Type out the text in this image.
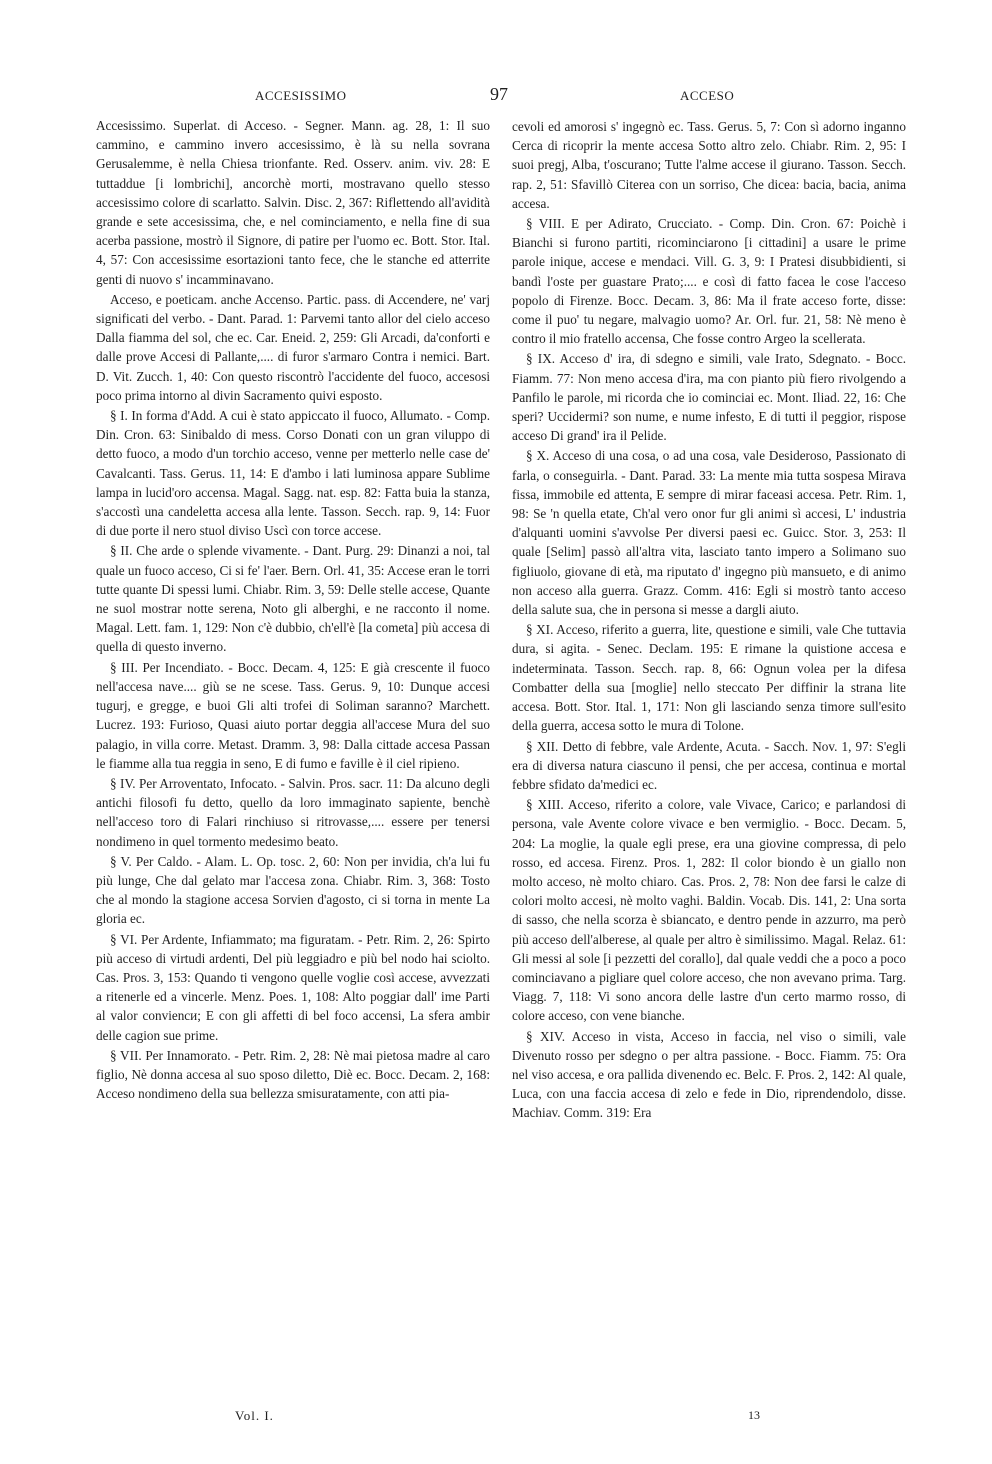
ACCESISSIMO	97	ACCESO

Accesissimo. Superlat. di Acceso. - Segner. Mann. ag. 28, 1: Il suo cammino, e cammino invero accesissimo, è là su nella sovrana Gerusalemme, è nella Chiesa trionfante. Red. Osserv. anim. viv. 28: E tuttaddue [i lombrichi], ancorchè morti, mostravano quello stesso accesissimo colore di scarlatto. Salvin. Disc. 2, 367: Riflettendo all'avidità grande e sete accesissima, che, e nel cominciamento, e nella fine di sua acerba passione, mostrò il Signore, di patire per l'uomo ec. Bott. Stor. Ital. 4, 57: Con accesissime esortazioni tanto fece, che le stanche ed atterrite genti di nuovo s' incamminavano.

Acceso, e poeticam. anche Accenso. Partic. pass. di Accendere, ne' varj significati del verbo. - Dant. Parad. 1: Parvemi tanto allor del cielo acceso Dalla fiamma del sol, che ec. Car. Eneid. 2, 259: Gli Arcadi, da'conforti e dalle prove Accesi di Pallante,.... di furor s'armaro Contra i nemici. Bart. D. Vit. Zucch. 1, 40: Con questo riscontrò l'accidente del fuoco, accesosi poco prima intorno al divin Sacramento quivi esposto.

§ I. In forma d'Add. A cui è stato appiccato il fuoco, Allumato. - Comp. Din. Cron. 63: Sinibaldo di mess. Corso Donati con un gran viluppo di detto fuoco, a modo d'un torchio acceso, venne per metterlo nelle case de' Cavalcanti. Tass. Gerus. 11, 14: E d'ambo i lati luminosa appare Sublime lampa in lucid'oro accensa. Magal. Sagg. nat. esp. 82: Fatta buia la stanza, s'accostì una candeletta accesa alla lente. Tasson. Secch. rap. 9, 14: Fuor di due porte il nero stuol diviso Uscì con torce accese.

§ II. Che arde o splende vivamente. - Dant. Purg. 29: Dinanzi a noi, tal quale un fuoco acceso, Ci si fe' l'aer. Bern. Orl. 41, 35: Accese eran le torri tutte quante Di spessi lumi. Chiabr. Rim. 3, 59: Delle stelle accese, Quante ne suol mostrar notte serena, Noto gli alberghi, e ne racconto il nome. Magal. Lett. fam. 1, 129: Non c'è dubbio, ch'ell'è [la cometa] più accesa di quella di questo inverno.

§ III. Per Incendiato. - Bocc. Decam. 4, 125: E già crescente il fuoco nell'accesa nave.... giù se ne scese. Tass. Gerus. 9, 10: Dunque accesi tugurj, e gregge, e buoi Gli alti trofei di Soliman saranno? Marchett. Lucrez. 193: Furioso, Quasi aiuto portar deggia all'accese Mura del suo palagio, in villa corre. Metast. Dramm. 3, 98: Dalla cittade accesa Passan le fiamme alla tua reggia in seno, E di fumo e faville è il ciel ripieno.

§ IV. Per Arroventato, Infocato. - Salvin. Pros. sacr. 11: Da alcuno degli antichi filosofi fu detto, quello da loro immaginato sapiente, benchè nell'acceso toro di Falari rinchiuso si ritrovasse,.... essere per tenersi nondimeno in quel tormento medesimo beato.

§ V. Per Caldo. - Alam. L. Op. tosc. 2, 60: Non per invidia, ch'a lui fu più lunge, Che dal gelato mar l'accesa zona. Chiabr. Rim. 3, 368: Tosto che al mondo la stagione accesa Sorvien d'agosto, ci si torna in mente La gloria ec.

§ VI. Per Ardente, Infiammato; ma figuratam. - Petr. Rim. 2, 26: Spirto più acceso di virtudi ardenti, Del più leggiadro e più bel nodo hai sciolto. Cas. Pros. 3, 153: Quando ti vengono quelle voglie così accese, avvezzati a ritenerle ed a vincerle. Menz. Poes. 1, 108: Alto poggiar dall' ime Parti al valor convienси; E con gli affetti di bel foco accensi, La sfera ambir delle cagion sue prime.

§ VII. Per Innamorato. - Petr. Rim. 2, 28: Nè mai pietosa madre al caro figlio, Nè donna accesa al suo sposo diletto, Diè ec. Bocc. Decam. 2, 168: Acceso nondimeno della sua bellezza smisuratamente, con atti pia-

cevoli ed amorosi s' ingegnò ec. Tass. Gerus. 5, 7: Con sì adorno inganno Cerca di ricoprir la mente accesa Sotto altro zelo. Chiabr. Rim. 2, 95: I suoi pregj, Alba, t'oscurano; Tutte l'alme accese il giurano. Tasson. Secch. rap. 2, 51: Sfavillò Citerea con un sorriso, Che dicea: bacia, bacia, anima accesa.

§ VIII. E per Adirato, Crucciato. - Comp. Din. Cron. 67: Poichè i Bianchi si furono partiti, ricominciarono [i cittadini] a usare le prime parole inique, accese e mendaci. Vill. G. 3, 9: I Pratesi disubbidienti, si bandì l'oste per guastare Prato;.... e così di fatto facea le cose l'acceso popolo di Firenze. Bocc. Decam. 3, 86: Ma il frate acceso forte, disse: come il puo' tu negare, malvagio uomo? Ar. Orl. fur. 21, 58: Nè meno è contro il mio fratello accensa, Che fosse contro Argeo la scellerata.

§ IX. Acceso d' ira, di sdegno e simili, vale Irato, Sdegnato. - Bocc. Fiamm. 77: Non meno accesa d'ira, ma con pianto più fiero rivolgendo a Panfilo le parole, mi ricorda che io cominciai ec. Mont. Iliad. 22, 16: Che speri? Uccidermi? son nume, e nume infesto, E di tutti il peggior, rispose acceso Di grand' ira il Pelide.

§ X. Acceso di una cosa, o ad una cosa, vale Desideroso, Passionato di farla, o conseguirla. - Dant. Parad. 33: La mente mia tutta sospesa Mirava fissa, immobile ed attenta, E sempre di mirar faceasi accesa. Petr. Rim. 1, 98: Se 'n quella etate, Ch'al vero onor fur gli animi sì accesi, L' industria d'alquanti uomini s'avvolse Per diversi paesi ec. Guicc. Stor. 3, 253: Il quale [Selim] passò all'altra vita, lasciato tanto impero a Solimano suo figliuolo, giovane di età, ma riputato d' ingegno più mansueto, e di animo non acceso alla guerra. Grazz. Comm. 416: Egli si mostrò tanto acceso della salute sua, che in persona si messe a dargli aiuto.

§ XI. Acceso, riferito a guerra, lite, questione e simili, vale Che tuttavia dura, si agita. - Senec. Declam. 195: E rimane la quistione accesa e indeterminata. Tasson. Secch. rap. 8, 66: Ognun volea per la difesa Combatter della sua [moglie] nello steccato Per diffinir la strana lite accesa. Bott. Stor. Ital. 1, 171: Non gli lasciando senza timore sull'esito della guerra, accesa sotto le mura di Tolone.

§ XII. Detto di febbre, vale Ardente, Acuta. - Sacch. Nov. 1, 97: S'egli era di diversa natura ciascuno il pensi, che per accesa, continua e mortal febbre sfidato da'medici ec.

§ XIII. Acceso, riferito a colore, vale Vivace, Carico; e parlandosi di persona, vale Avente colore vivace e ben vermiglio. - Bocc. Decam. 5, 204: La moglie, la quale egli prese, era una giovine compressa, di pelo rosso, ed accesa. Firenz. Pros. 1, 282: Il color biondo è un giallo non molto acceso, nè molto chiaro. Cas. Pros. 2, 78: Non dee farsi le calze di colori molto accesi, nè molto vaghi. Baldin. Vocab. Dis. 141, 2: Una sorta di sasso, che nella scorza è sbiancato, e dentro pende in azzurro, ma però più acceso dell'alberese, al quale per altro è similissimo. Magal. Relaz. 61: Gli messi al sole [i pezzetti del corallo], dal quale veddi che a poco a poco cominciavano a pigliare quel colore acceso, che non avevano prima. Targ. Viagg. 7, 118: Vi sono ancora delle lastre d'un certo marmo rosso, di colore acceso, con vene bianche.

§ XIV. Acceso in vista, Acceso in faccia, nel viso o simili, vale Divenuto rosso per sdegno o per altra passione. - Bocc. Fiamm. 75: Ora nel viso accesa, e ora pallida divenendo ec. Belc. F. Pros. 2, 142: Al quale, Luca, con una faccia accesa di zelo e fede in Dio, riprendendolo, disse. Machiav. Comm. 319: Era

Vol. I.	13
